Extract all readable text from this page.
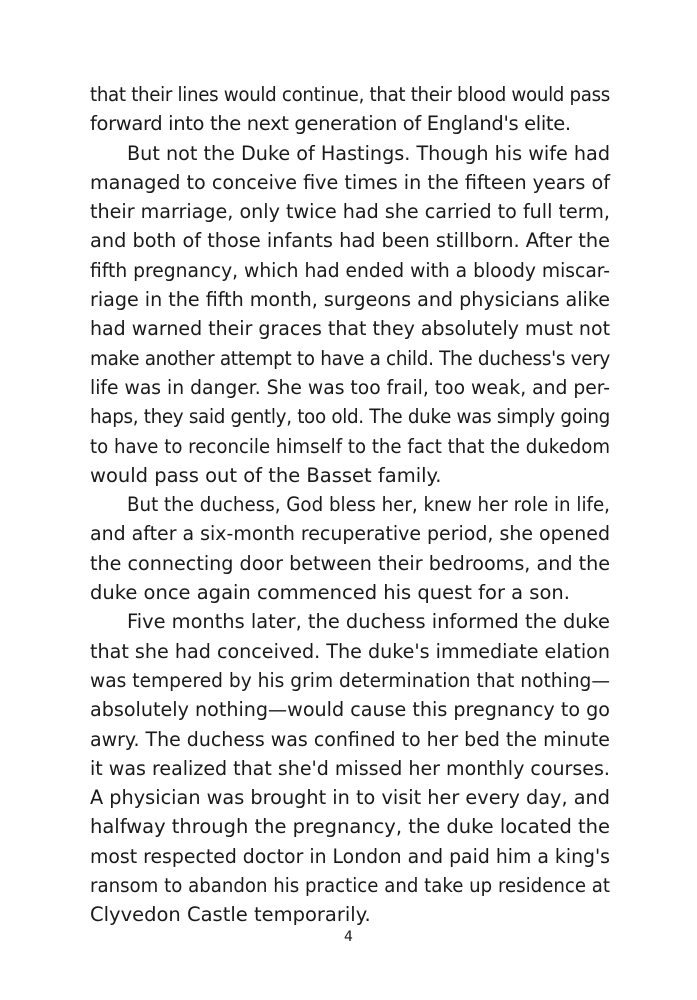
that their lines would continue, that their blood would pass
forward into the next generation of England's elite.
But not the Duke of Hastings. Though his wife had
managed to conceive five times in the fifteen years of
their marriage, only twice had she carried to full term,
and both of those infants had been stillborn. After the
fifth pregnancy, which had ended with a bloody miscar-
riage in the fifth month, surgeons and physicians alike
had warned their graces that they absolutely must not
make another attempt to have a child. The duchess's very
life was in danger. She was too frail, too weak, and per-
haps, they said gently, too old. The duke was simply going
to have to reconcile himself to the fact that the dukedom
would pass out of the Basset family.
But the duchess, God bless her, knew her role in life,
and after a six-month recuperative period, she opened
the connecting door between their bedrooms, and the
duke once again commenced his quest for a son.
Five months later, the duchess informed the duke
that she had conceived. The duke's immediate elation
was tempered by his grim determination that nothing—
absolutely nothing—would cause this pregnancy to go
awry. The duchess was confined to her bed the minute
it was realized that she'd missed her monthly courses.
A physician was brought in to visit her every day, and
halfway through the pregnancy, the duke located the
most respected doctor in London and paid him a king's
ransom to abandon his practice and take up residence at
Clyvedon Castle temporarily.
4
